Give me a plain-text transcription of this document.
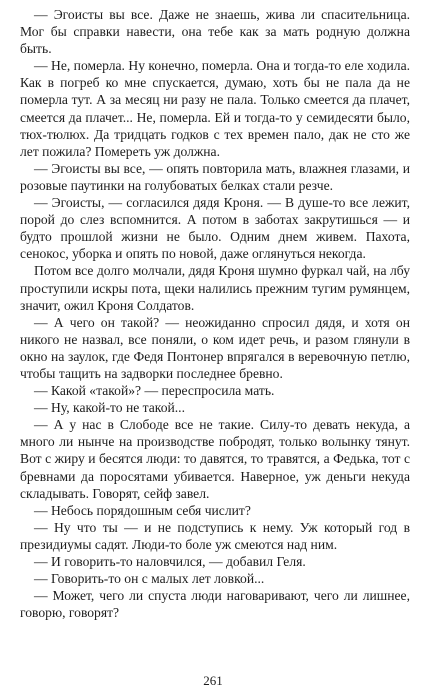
— Эгоисты вы все. Даже не знаешь, жива ли спасительница. Мог бы справки навести, она тебе как за мать родную должна быть.

— Не, померла. Ну конечно, померла. Она и тогда-то еле ходила. Как в погреб ко мне спускается, думаю, хоть бы не пала да не померла тут. А за месяц ни разу не пала. Только смеется да плачет, смеется да плачет... Не, померла. Ей и тогда-то у семидесяти было, тюх-тюлюх. Да тридцать годков с тех времен пало, дак не сто же лет пожила? Помереть уж должна.

— Эгоисты вы все, — опять повторила мать, влажнея глазами, и розовые паутинки на голубоватых белках стали резче.

— Эгоисты, — согласился дядя Кроня. — В душе-то все лежит, порой до слез вспомнится. А потом в заботах закрутишься — и будто прошлой жизни не было. Одним днем живем. Пахота, сенокос, уборка и опять по новой, даже оглянуться некогда.

Потом все долго молчали, дядя Кроня шумно фуркал чай, на лбу проступили искры пота, щеки налились прежним тугим румянцем, значит, ожил Кроня Солдатов.

— А чего он такой? — неожиданно спросил дядя, и хотя он никого не назвал, все поняли, о ком идет речь, и разом глянули в окно на заулок, где Федя Понтонер впрягался в веревочную петлю, чтобы тащить на задворки последнее бревно.

— Какой «такой»? — переспросила мать.

— Ну, какой-то не такой...

— А у нас в Слободе все не такие. Силу-то девать некуда, а много ли нынче на производстве побродят, только волынку тянут. Вот с жиру и бесятся люди: то давятся, то травятся, а Федька, тот с бревнами да поросятами убивается. Наверное, уж деньги некуда складывать. Говорят, сейф завел.

— Небось порядошным себя числит?

— Ну что ты — и не подступись к нему. Уж который год в президиумы садят. Люди-то боле уж смеются над ним.

— И говорить-то наловчился, — добавил Геля.

— Говорить-то он с малых лет ловкой...

— Может, чего ли спуста люди наговаривают, чего ли лишнее, говорю, говорят?

261
